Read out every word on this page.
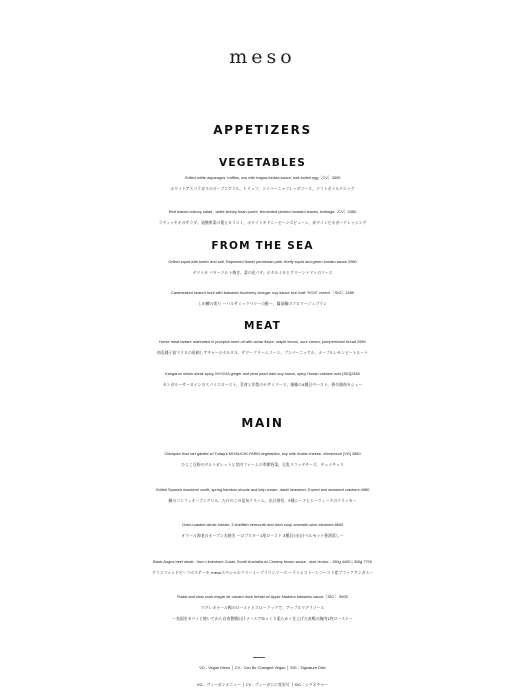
meso
APPETIZERS
VEGETABLES
Grilled white asparagus, truffles, soy milk bagna-fredda sauce, soft-boiled egg［CV］3300
ホワイトアスパラガスのオーブングリル、トリュフ、ソイバーニャフレッダソース、ソフトボイルドエッグ
Red leaved chicory salad , white kidney bean puree, fermented pickled mustard leaves, bottarga［CV］2480
ラディッキオのサラダ、発酵搾菜の葉とカラスミ、ホワイトキドニービーンズピューレ、赤ワインビネガードレッシング
FROM THE SEA
Grilled squid with butter and salt, Rapeseed flower parmesan pate, firefly squid and green tomato sauce 2980
ヤリイカ バターソルト焼き、菜の花パテ、ホタルイカとグリーントマトのソース
Caramelized seared trout with balsamic blueberry vinegar, soy sauce rice malt "KOJI" cream ［SIG］2480
しめ鱒の炙り ーバルサミックベリーの酢ー、醤油麹のフロマージュブラン
MEAT
Horse meat tartare marinated in pumpkin seed oil with achar flavor, maple lemon, sour cream, pumpernickel bread 2980
南瓜種子油マリネの馬刺しアチャールタルタル、サワークリームソース、プンパーニッケル、メープルレモンピートルート
Kangaroo sirloin steak spicy, MYOGA ginger and pear pearl dark soy sauce, spicy Hunan cashew nuts [SIG]2480
カンガルーサーロインのスパイスロースト、茗荷と洋梨のセサミソース、辣椒の4種豆ペースト、香辛湖南カシュー
MAIN
Chickpea flour tart galette w/ Today's MIYAUCHI-FARM vegetables, soy milk ricotta cheese, chimichurri [VG] 3960
ひよこ豆粉のタルトガレットと宮内ファームの季節野菜、豆乳リコッタチーズ、チュミチュリ
Grilled Spanish mackerel confit, spring bamboo shoots and kelp cream, dashi seaweed, 5-seed and seaweed crackers 4980
鰆のコンフィオーブングリル、たけのこの昆布クリーム、出汁海苔、5種シードとシーウィードのクラッカー
Oven-roasted whole lobster, 3 shellfish vermouth and clam soup aromatic wine steamed 8800
オマール海老のオーブン丸焼き ーロブスター1尾ロースト 3種貝の出汁ベルモット香酒蒸しー
Black Angus beef steak : from Limestone Coast, South Australia w/ Creamy brown sauce - size choice - 150g 4400 | 300g 7700
グラスフェッドビーフのステーキ mesoスペシャルクリーミーブラウンソース ーライムストーンコースト産ブラックアンガスー
Roast and slow cook magre de canard duck breast w/ Apple Madeira balsamic sauce［SIG］ 5500
マグレカナール鴨のローストとスロークックで、アップルマデラソース
ー表面をカリッと焼いてから自家製鴨出汁ソースでゆっくり柔らかく仕上げた真鴨の胸肉1枚ローストー
VG - Vegan Menu │ CV - Can Be Changed Vegan │ SIG - Signature Dish
VG - ヴィーガンメニュー │ CV - ヴィーガンに変更可 │ SIG - シグネチャー
